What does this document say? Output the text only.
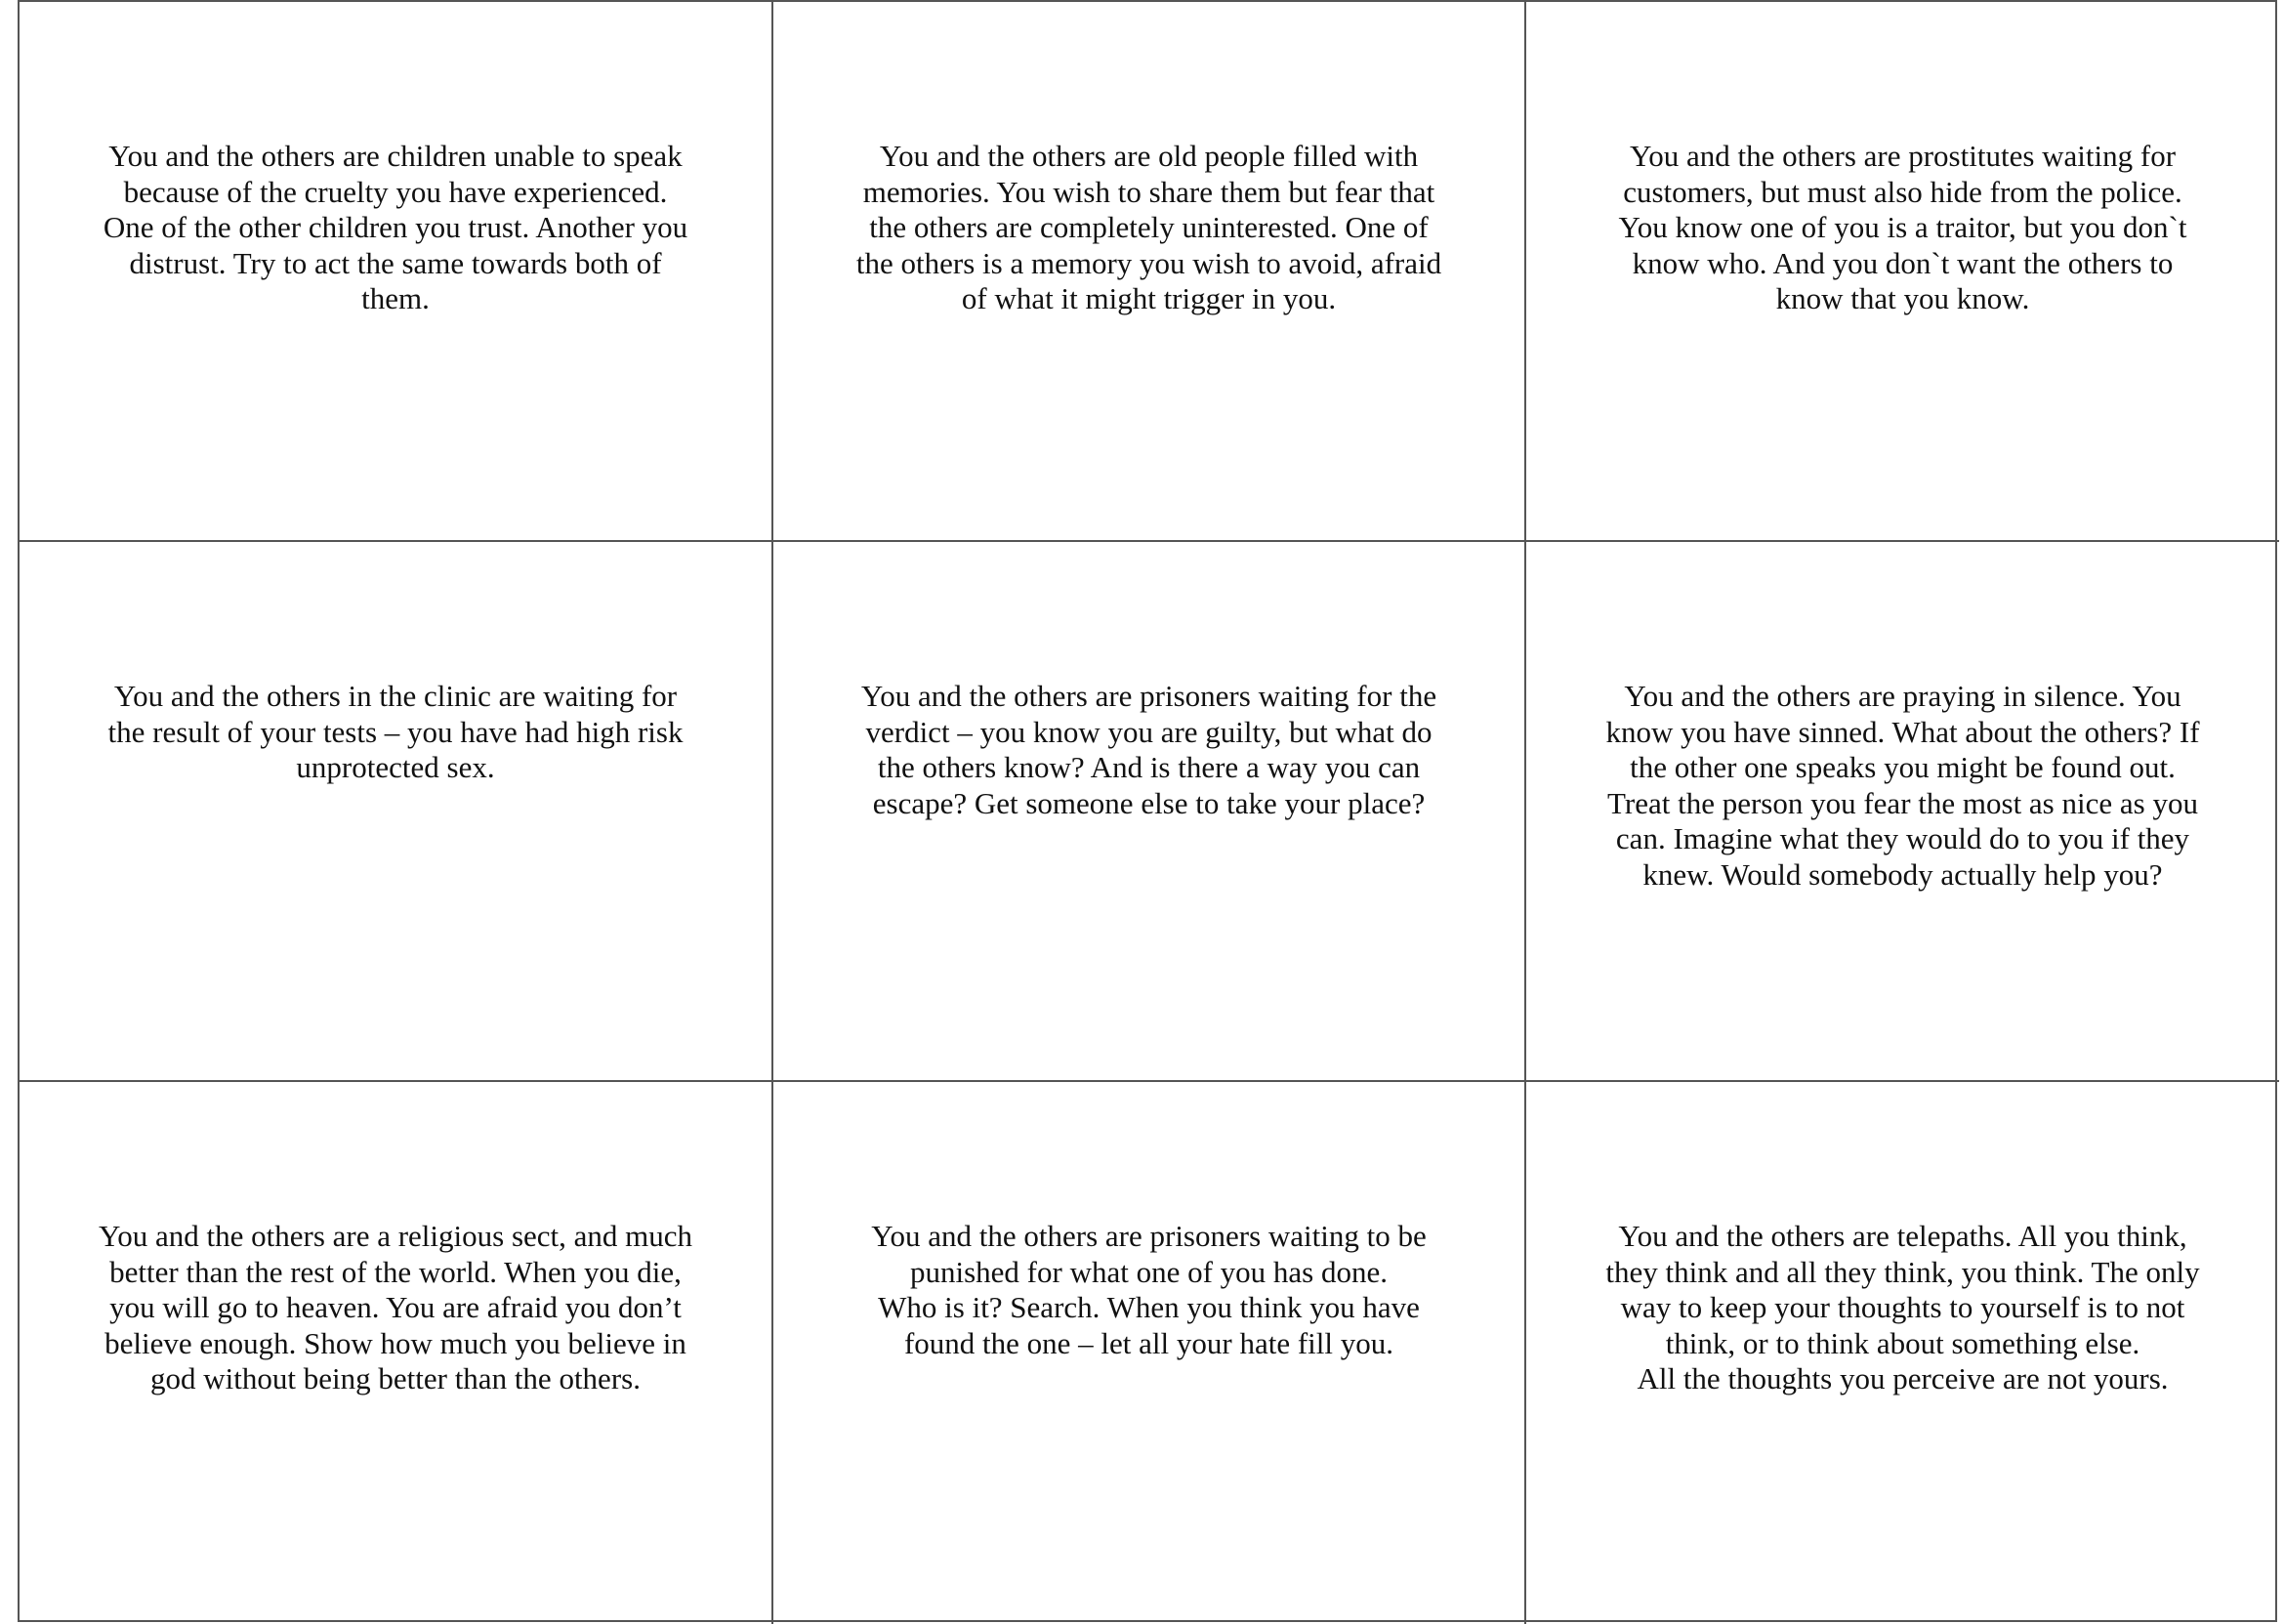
You and the others are children unable to speak
because of the cruelty you have experienced.
One of the other children you trust. Another you
distrust. Try to act the same towards both of
them.

You and the others are old people filled with
memories. You wish to share them but fear that
the others are completely uninterested. One of
the others is a memory you wish to avoid, afraid
of what it might trigger in you.

You and the others are prostitutes waiting for
customers, but must also hide from the police.
You know one of you is a traitor, but you don`t
know who. And you don`t want the others to
know that you know.

You and the others in the clinic are waiting for
the result of your tests – you have had high risk
unprotected sex.

You and the others are prisoners waiting for the
verdict – you know you are guilty, but what do
the others know? And is there a way you can
escape? Get someone else to take your place?

You and the others are praying in silence. You
know you have sinned. What about the others? If
the other one speaks you might be found out.
Treat the person you fear the most as nice as you
can. Imagine what they would do to you if they
knew. Would somebody actually help you?

You and the others are a religious sect, and much
better than the rest of the world. When you die,
you will go to heaven. You are afraid you don’t
believe enough. Show how much you believe in
god without being better than the others.

You and the others are prisoners waiting to be
punished for what one of you has done.
Who is it? Search. When you think you have
found the one – let all your hate fill you.

You and the others are telepaths. All you think,
they think and all they think, you think. The only
way to keep your thoughts to yourself is to not
think, or to think about something else.
All the thoughts you perceive are not yours.
